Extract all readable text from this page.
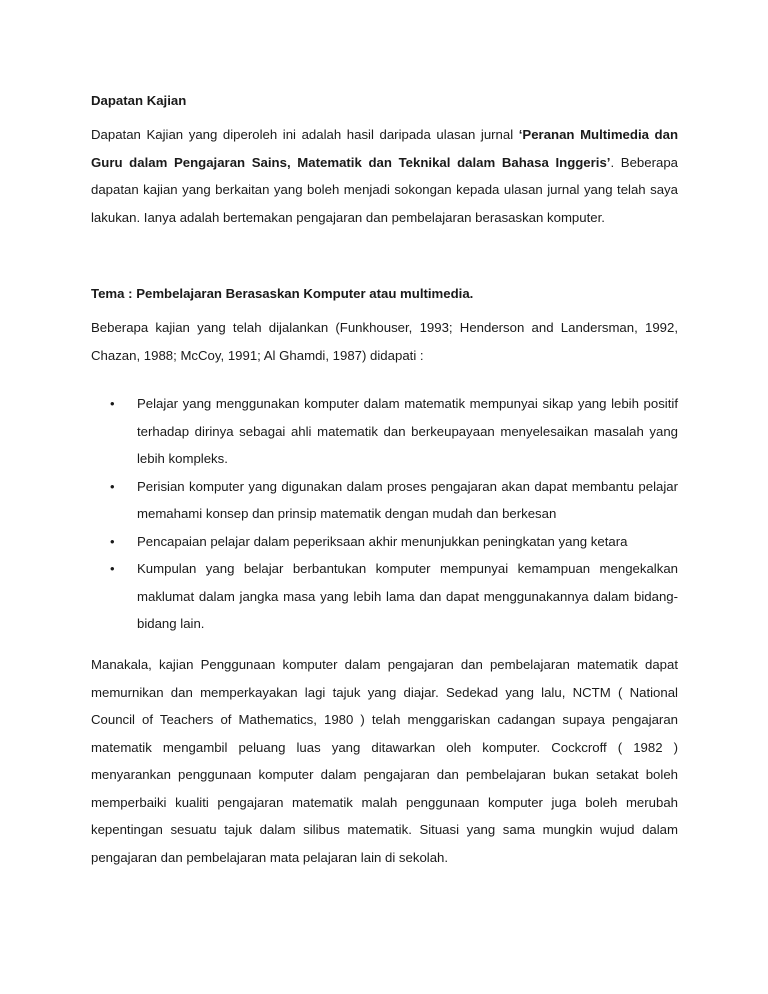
Dapatan Kajian

Dapatan Kajian yang diperoleh ini adalah hasil daripada ulasan jurnal ‘Peranan Multimedia dan Guru dalam Pengajaran Sains, Matematik dan Teknikal dalam Bahasa Inggeris’. Beberapa dapatan kajian yang berkaitan yang boleh menjadi sokongan kepada ulasan jurnal yang telah saya lakukan. Ianya adalah bertemakan pengajaran dan pembelajaran berasaskan komputer.

Tema : Pembelajaran Berasaskan Komputer atau multimedia.

Beberapa kajian yang telah dijalankan (Funkhouser, 1993; Henderson and Landersman, 1992, Chazan, 1988; McCoy, 1991; Al Ghamdi, 1987) didapati :

• Pelajar yang menggunakan komputer dalam matematik mempunyai sikap yang lebih positif terhadap dirinya sebagai ahli matematik dan berkeupayaan menyelesaikan masalah yang lebih kompleks.
• Perisian komputer yang digunakan dalam proses pengajaran akan dapat membantu pelajar memahami konsep dan prinsip matematik dengan mudah dan berkesan
• Pencapaian pelajar dalam peperiksaan akhir menunjukkan peningkatan yang ketara
• Kumpulan yang belajar berbantukan komputer mempunyai kemampuan mengekalkan maklumat dalam jangka masa yang lebih lama dan dapat menggunakannya dalam bidang-bidang lain.

Manakala, kajian Penggunaan komputer dalam pengajaran dan pembelajaran matematik dapat memurnikan dan memperkayakan lagi tajuk yang diajar. Sedekad yang lalu, NCTM ( National Council of Teachers of Mathematics, 1980 ) telah menggariskan cadangan supaya pengajaran matematik mengambil peluang luas yang ditawarkan oleh komputer. Cockcroff ( 1982 ) menyarankan penggunaan komputer dalam pengajaran dan pembelajaran bukan setakat boleh memperbaiki kualiti pengajaran matematik malah penggunaan komputer juga boleh merubah kepentingan sesuatu tajuk dalam silibus matematik. Situasi yang sama mungkin wujud dalam pengajaran dan pembelajaran mata pelajaran lain di sekolah.
